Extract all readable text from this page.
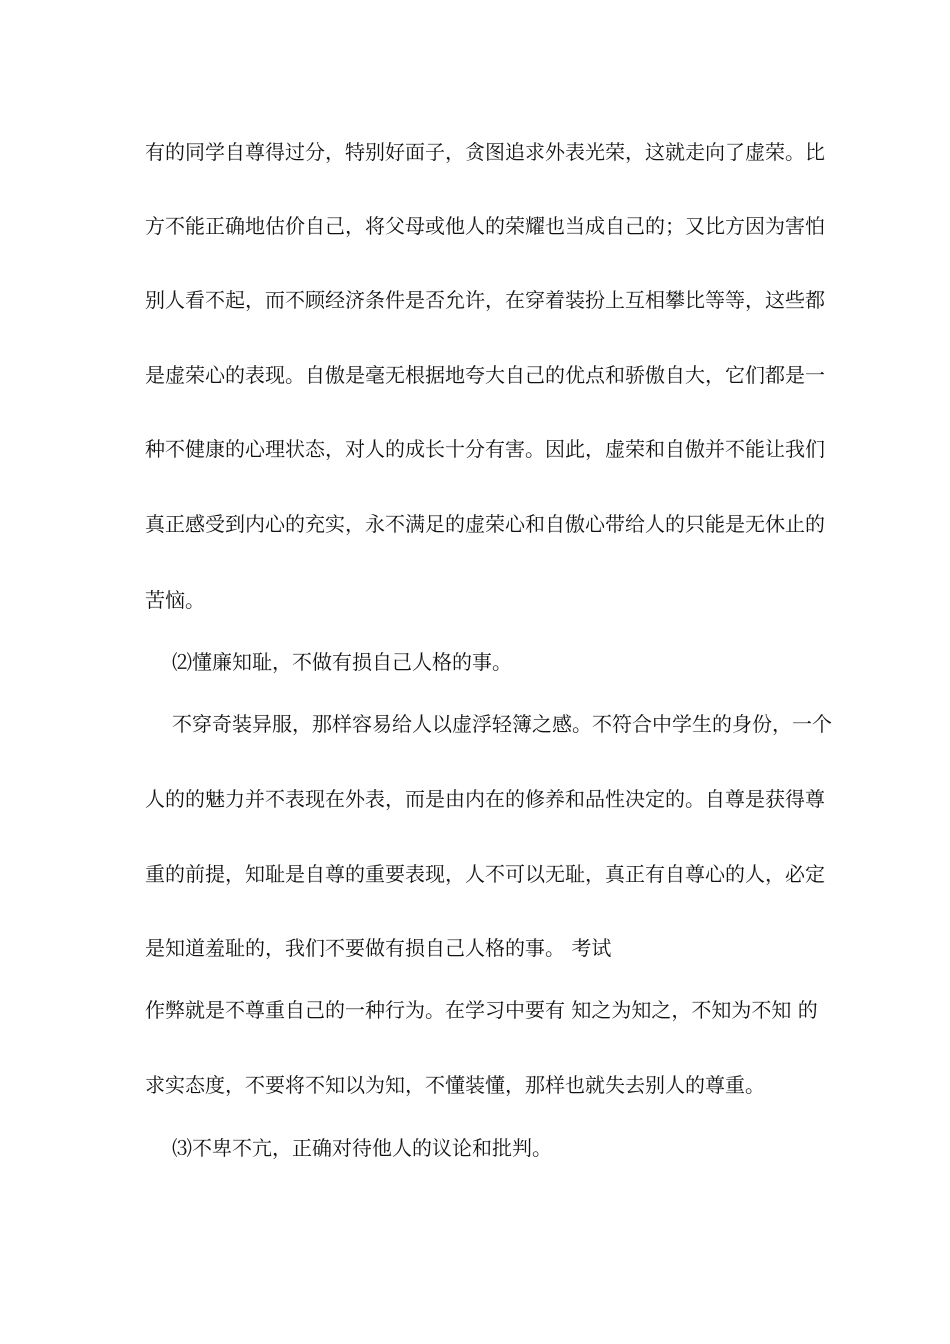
有的同学自尊得过分，特别好面子，贪图追求外表光荣，这就走向了虚荣。比
方不能正确地估价自己，将父母或他人的荣耀也当成自己的；又比方因为害怕
别人看不起，而不顾经济条件是否允许，在穿着装扮上互相攀比等等，这些都
是虚荣心的表现。自傲是毫无根据地夸大自己的优点和骄傲自大，它们都是一
种不健康的心理状态，对人的成长十分有害。因此，虚荣和自傲并不能让我们
真正感受到内心的充实，永不满足的虚荣心和自傲心带给人的只能是无休止的
苦恼。
⑵懂廉知耻，不做有损自己人格的事。
不穿奇装异服，那样容易给人以虚浮轻簿之感。不符合中学生的身份，一个
人的的魅力并不表现在外表，而是由内在的修养和品性决定的。自尊是获得尊
重的前提，知耻是自尊的重要表现，人不可以无耻，真正有自尊心的人，必定
是知道羞耻的，我们不要做有损自己人格的事。 考试
作弊就是不尊重自己的一种行为。在学习中要有 知之为知之，不知为不知 的
求实态度，不要将不知以为知，不懂装懂，那样也就失去别人的尊重。
⑶不卑不亢，正确对待他人的议论和批判。
